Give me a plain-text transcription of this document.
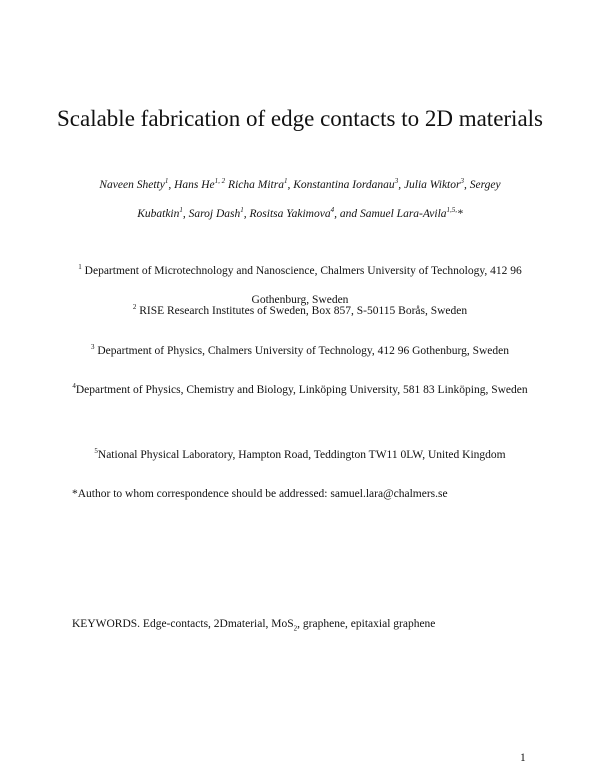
Scalable fabrication of edge contacts to 2D materials
Naveen Shetty$^1$, Hans He$^{1, 2}$ Richa Mitra$^1$, Konstantina Iordanau$^3$, Julia Wiktor$^3$, Sergey Kubatkin$^1$, Saroj Dash$^1$, Rositsa Yakimova$^4$, and Samuel Lara-Avila$^{1,5,}$*
$^1$ Department of Microtechnology and Nanoscience, Chalmers University of Technology, 412 96 Gothenburg, Sweden
$^2$ RISE Research Institutes of Sweden, Box 857, S-50115 Borås, Sweden
$^3$ Department of Physics, Chalmers University of Technology, 412 96 Gothenburg, Sweden
$^4$Department of Physics, Chemistry and Biology, Linköping University, 581 83 Linköping, Sweden
$^5$National Physical Laboratory, Hampton Road, Teddington TW11 0LW, United Kingdom
*Author to whom correspondence should be addressed: samuel.lara@chalmers.se
KEYWORDS. Edge-contacts, 2Dmaterial, MoS$_2$, graphene, epitaxial graphene
1
